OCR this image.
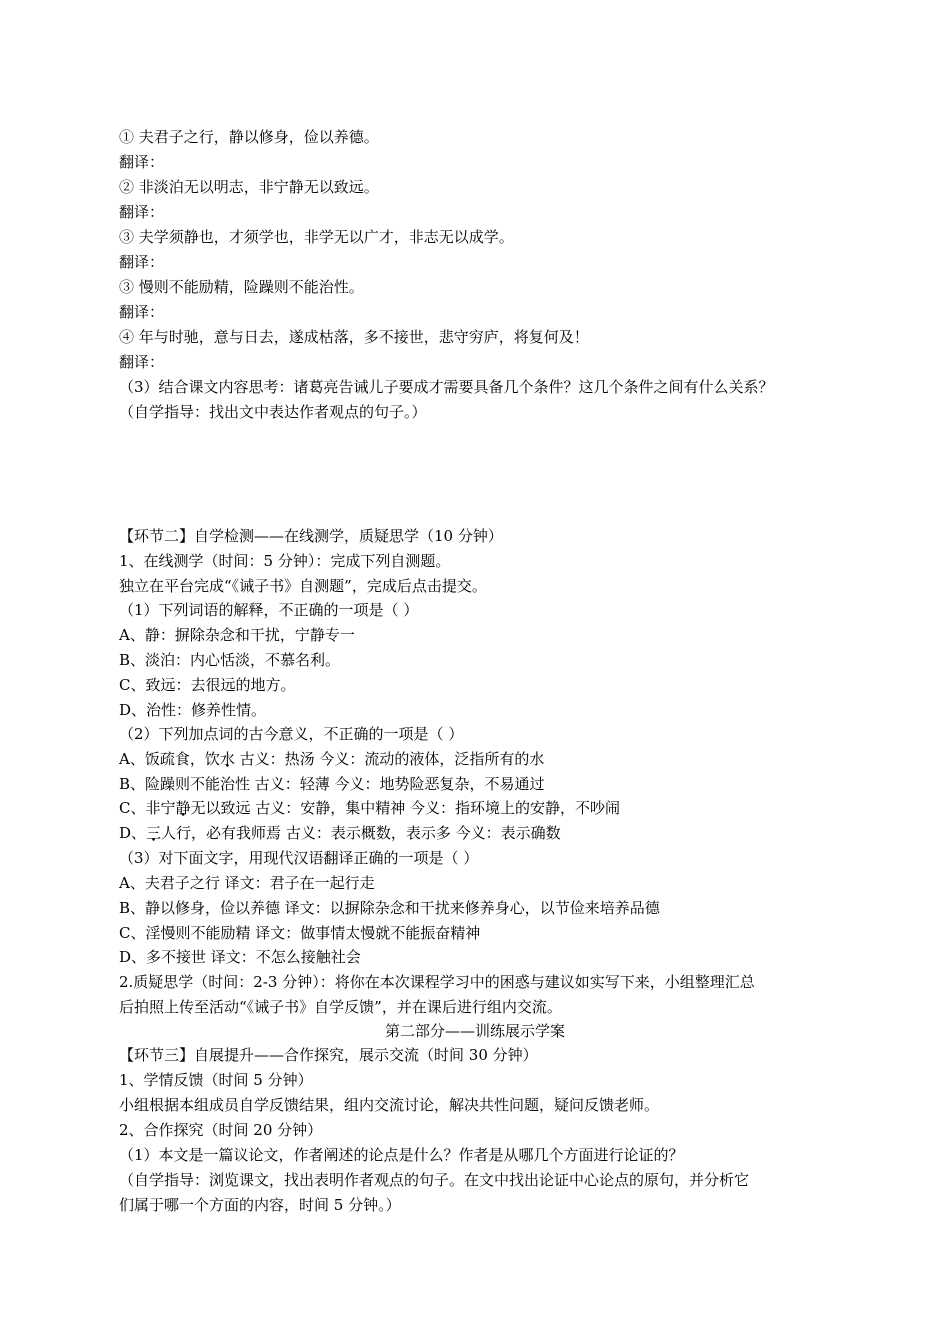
① 夫君子之行，静以修身，俭以养德。
翻译：
② 非淡泊无以明志，非宁静无以致远。
翻译：
③ 夫学须静也，才须学也，非学无以广才，非志无以成学。
翻译：
③ 慢则不能励精，险躁则不能治性。
翻译：
④ 年与时驰，意与日去，遂成枯落，多不接世，悲守穷庐，将复何及！
翻译：
（3）结合课文内容思考：诸葛亮告诫儿子要成才需要具备几个条件？这几个条件之间有什么关系？
（自学指导：找出文中表达作者观点的句子。）
【环节二】自学检测——在线测学，质疑思学（10 分钟）
1、在线测学（时间：5 分钟）：完成下列自测题。
独立在平台完成“《诫子书》自测题”，完成后点击提交。
（1）下列词语的解释，不正确的一项是（ ）
A、静：摒除杂念和干扰，宁静专一
B、淡泊：内心恬淡，不慕名利。
C、致远：去很远的地方。
D、治性：修养性情。
（2）下列加点词的古今意义，不正确的一项是（ ）
A、饭疏食，饮水 古义：热汤 今义：流动的液体，泛指所有的水
B、险躁则不能治性 古义：轻薄 今义：地势险恶复杂，不易通过
C、非宁静无以致远 古义：安静，集中精神 今义：指环境上的安静，不吵闹
D、三人行，必有我师焉 古义：表示概数，表示多 今义：表示确数
（3）对下面文字，用现代汉语翻译正确的一项是（ ）
A、夫君子之行 译文：君子在一起行走
B、静以修身，俭以养德 译文：以摒除杂念和干扰来修养身心，以节俭来培养品德
C、淫慢则不能励精 译文：做事情太慢就不能振奋精神
D、多不接世 译文：不怎么接触社会
2.质疑思学（时间：2-3 分钟）：将你在本次课程学习中的困惑与建议如实写下来，小组整理汇总
后拍照上传至活动“《诫子书》自学反馈”，并在课后进行组内交流。
第二部分——训练展示学案
【环节三】自展提升——合作探究，展示交流（时间 30 分钟）
1、学情反馈（时间 5 分钟）
小组根据本组成员自学反馈结果，组内交流讨论，解决共性问题，疑问反馈老师。
2、合作探究（时间 20 分钟）
（1）本文是一篇议论文，作者阐述的论点是什么？作者是从哪几个方面进行论证的？
（自学指导：浏览课文，找出表明作者观点的句子。在文中找出论证中心论点的原句，并分析它
们属于哪一个方面的内容，时间 5 分钟。）
